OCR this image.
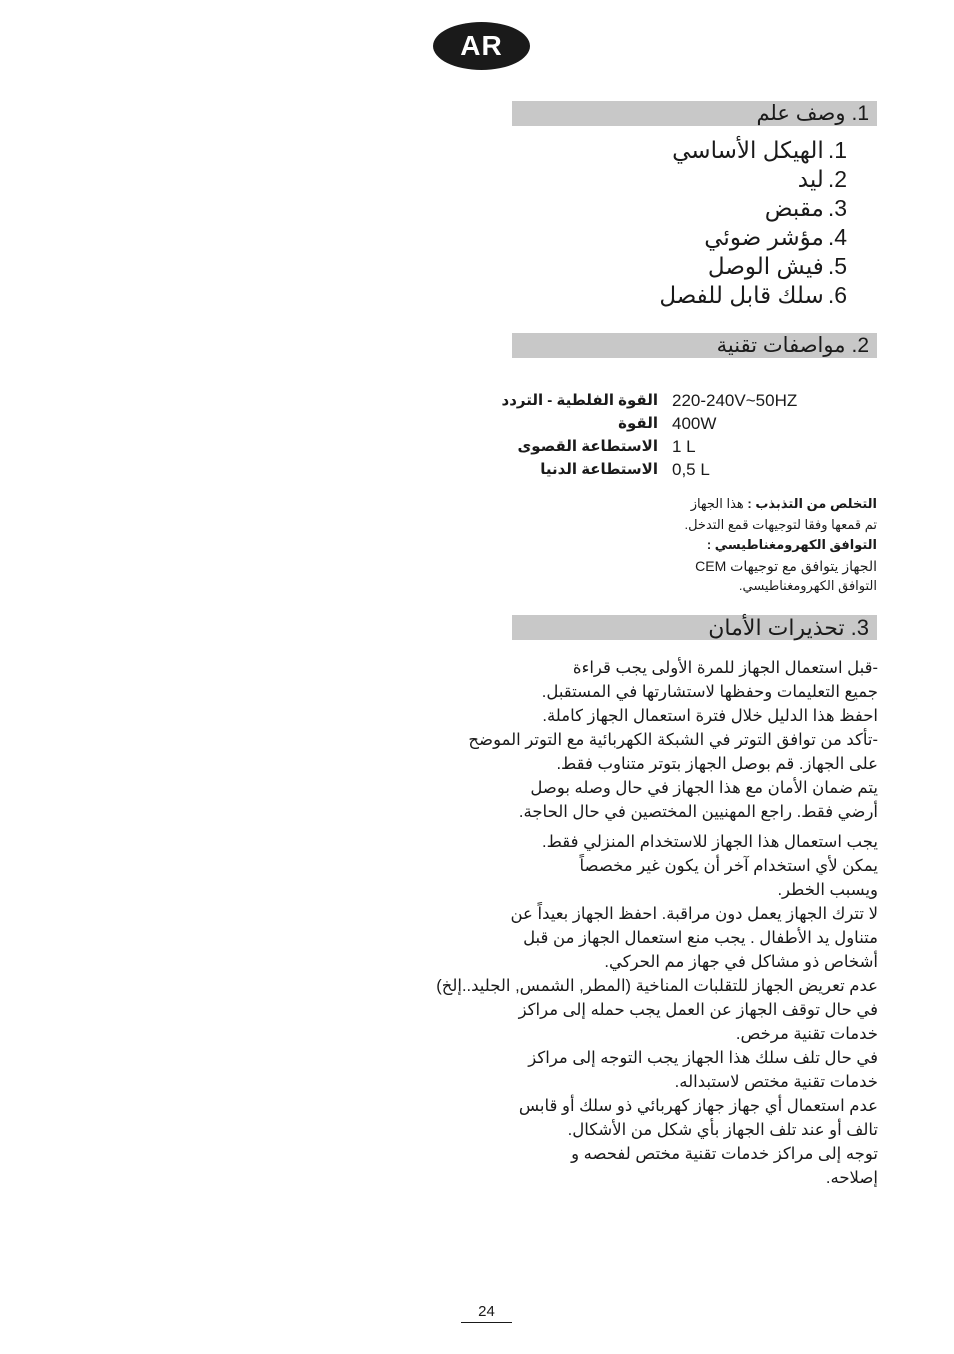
AR
1.
وصف علم
1.الهيكل الأساسي
2.ليد
3.مقبض
4.مؤشر ضوئي
5.فيش الوصل
6.سلك قابل للفصل
2.
مواصفات تقنية
القوة الفلطية - التردد	220-240V~50HZ
القوة	400W
الاستطاعة القصوى	1 L
الاستطاعة الدنيا	0,5 L

التخلص من التذبذب : هذا الجهاز

تم قمعها وفقا لتوجيهات قمع التدخل.

التوافق الكهرومغناطيسي :

الجهاز يتوافق مع توجيهات CEM

التوافق الكهرومغناطيسي.

3.
تحذيرات الأمان

-قبل استعمال الجهاز للمرة الأولى يجب قراءة

جميع التعليمات وحفظها لاستشارتها في المستقبل.

احفظ هذا الدليل خلال فترة استعمال الجهاز كاملة.

-تأكد من توافق التوتر في الشبكة الكهربائية مع التوتر الموضح

على الجهاز. قم بوصل الجهاز بتوتر متناوب فقط.

يتم ضمان الأمان مع هذا الجهاز في حال وصله بوصل

أرضي فقط. راجع المهنيين المختصين في حال الحاجة.

يجب استعمال هذا الجهاز للاستخدام المنزلي فقط.

يمكن لأي استخدام آخر أن يكون غير مخصصاً

ويسبب الخطر.

لا تترك الجهاز يعمل دون مراقبة. احفظ الجهاز بعيداً عن

متناول يد الأطفال . يجب منع استعمال الجهاز من قبل

أشخاص ذو مشاكل في جهاز مم الحركي.

عدم تعريض الجهاز للتقلبات المناخية (المطر, الشمس, الجليد..إلخ)

في حال توقف الجهاز عن العمل يجب حمله إلى مراكز

خدمات تقنية مرخص.

في حال تلف سلك هذا الجهاز يجب التوجه إلى مراكز

خدمات تقنية مختص لاستبداله.

عدم استعمال أي جهاز جهاز كهربائي ذو سلك أو قابس

تالف أو عند تلف الجهاز بأي شكل من الأشكال.

توجه إلى مراكز خدمات تقنية مختص لفحصه و

إصلاحه.

24
